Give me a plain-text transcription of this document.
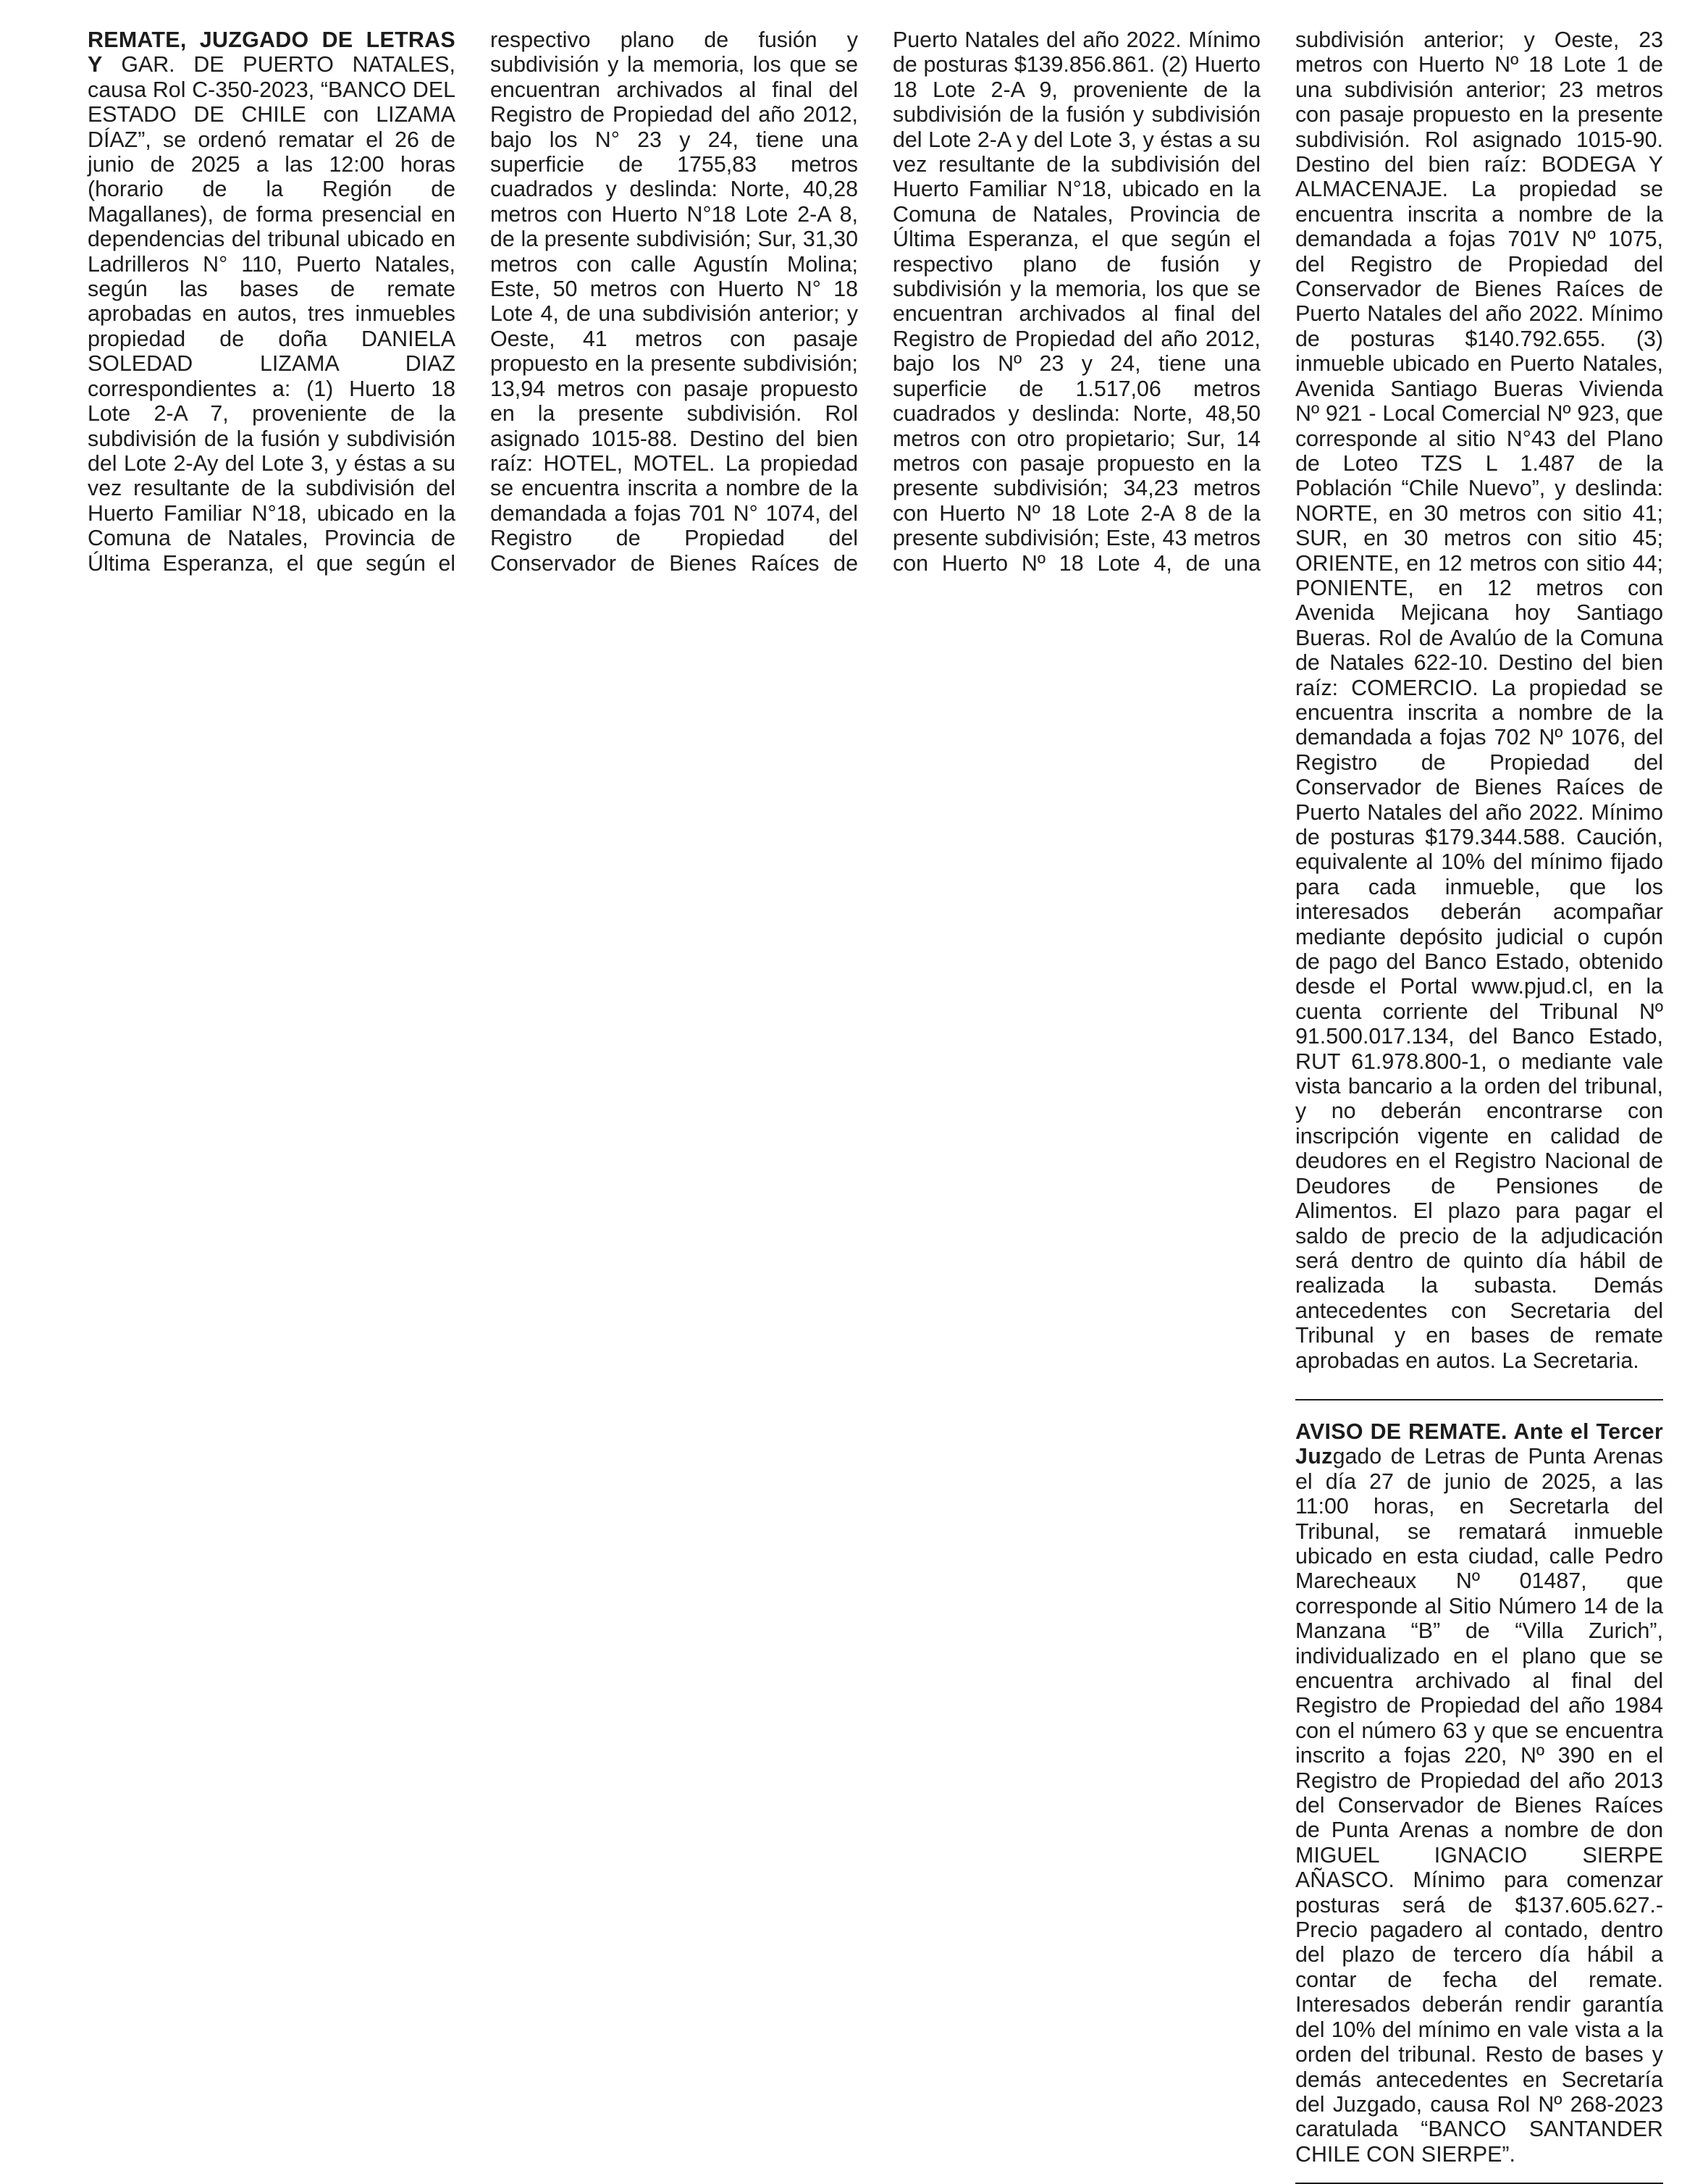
REMATE, JUZGADO DE LETRAS Y GAR. DE PUERTO NATALES, causa Rol C-350-2023, “BANCO DEL ESTADO DE CHILE con LIZAMA DÍAZ”, se ordenó rematar el 26 de junio de 2025 a las 12:00 horas (horario de la Región de Magallanes), de forma presencial en dependencias del tribunal ubicado en Ladrilleros N° 110, Puerto Natales, según las bases de remate aprobadas en autos, tres inmuebles propiedad de doña DANIELA SOLEDAD LIZAMA DIAZ correspondientes a: (1) Huerto 18 Lote 2-A 7, proveniente de la subdivisión de la fusión y subdivisión del Lote 2-Ay del Lote 3, y éstas a su vez resultante de la subdivisión del Huerto Familiar N°18, ubicado en la Comuna de Natales, Provincia de Última Esperanza, el que según el

respectivo plano de fusión y subdivisión y la memoria, los que se encuentran archivados al final del Registro de Propiedad del año 2012, bajo los N° 23 y 24, tiene una superficie de 1755,83 metros cuadrados y deslinda: Norte, 40,28 metros con Huerto N°18 Lote 2-A 8, de la presente subdivisión; Sur, 31,30 metros con calle Agustín Molina; Este, 50 metros con Huerto N° 18 Lote 4, de una subdivisión anterior; y Oeste, 41 metros con pasaje propuesto en la presente subdivisión; 13,94 metros con pasaje propuesto en la presente subdivisión. Rol asignado 1015-88. Destino del bien raíz: HOTEL, MOTEL. La propiedad se encuentra inscrita a nombre de la demandada a fojas 701 N° 1074, del Registro de Propiedad del Conservador de Bienes Raíces de

Puerto Natales del año 2022. Mínimo de posturas $139.856.861. (2) Huerto 18 Lote 2-A 9, proveniente de la subdivisión de la fusión y subdivisión del Lote 2-A y del Lote 3, y éstas a su vez resultante de la subdivisión del Huerto Familiar N°18, ubicado en la Comuna de Natales, Provincia de Última Esperanza, el que según el respectivo plano de fusión y subdivisión y la memoria, los que se encuentran archivados al final del Registro de Propiedad del año 2012, bajo los Nº 23 y 24, tiene una superficie de 1.517,06 metros cuadrados y deslinda: Norte, 48,50 metros con otro propietario; Sur, 14 metros con pasaje propuesto en la presente subdivisión; 34,23 metros con Huerto Nº 18 Lote 2-A 8 de la presente subdivisión; Este, 43 metros con Huerto Nº 18 Lote 4, de una

subdivisión anterior; y Oeste, 23 metros con Huerto Nº 18 Lote 1 de una subdivisión anterior; 23 metros con pasaje propuesto en la presente subdivisión. Rol asignado 1015-90. Destino del bien raíz: BODEGA Y ALMACENAJE. La propiedad se encuentra inscrita a nombre de la demandada a fojas 701V Nº 1075, del Registro de Propiedad del Conservador de Bienes Raíces de Puerto Natales del año 2022. Mínimo de posturas $140.792.655. (3) inmueble ubicado en Puerto Natales, Avenida Santiago Bueras Vivienda Nº 921 - Local Comercial Nº 923, que corresponde al sitio N°43 del Plano de Loteo TZS L 1.487 de la Población “Chile Nuevo”, y deslinda: NORTE, en 30 metros con sitio 41; SUR, en 30 metros con sitio 45; ORIENTE, en 12 metros con sitio 44; PONIENTE, en 12 metros con Avenida Mejicana hoy Santiago Bueras. Rol de Avalúo de la Comuna de Natales 622-10. Destino del bien raíz: COMERCIO. La propiedad se encuentra inscrita a nombre de la demandada a fojas 702 Nº 1076, del Registro de Propiedad del Conservador de Bienes Raíces de Puerto Natales del año 2022. Mínimo de posturas $179.344.588. Caución, equivalente al 10% del mínimo fijado para cada inmueble, que los interesados deberán acompañar mediante depósito judicial o cupón de pago del Banco Estado, obtenido desde el Portal www.pjud.cl, en la cuenta corriente del Tribunal Nº 91.500.017.134, del Banco Estado, RUT 61.978.800-1, o mediante vale vista bancario a la orden del tribunal, y no deberán encontrarse con inscripción vigente en calidad de deudores en el Registro Nacional de Deudores de Pensiones de Alimentos. El plazo para pagar el saldo de precio de la adjudicación será dentro de quinto día hábil de realizada la subasta. Demás antecedentes con Secretaria del Tribunal y en bases de remate aprobadas en autos. La Secretaria.

AVISO DE REMATE. Ante el Tercer Juzgado de Letras de Punta Arenas el día 27 de junio de 2025, a las 11:00 horas, en Secretarla del Tribunal, se rematará inmueble ubicado en esta ciudad, calle Pedro Marecheaux Nº 01487, que corresponde al Sitio Número 14 de la Manzana “B” de “Villa Zurich”, individualizado en el plano que se encuentra archivado al final del Registro de Propiedad del año 1984 con el número 63 y que se encuentra inscrito a fojas 220, Nº 390 en el Registro de Propiedad del año 2013 del Conservador de Bienes Raíces de Punta Arenas a nombre de don MIGUEL IGNACIO SIERPE AÑASCO. Mínimo para comenzar posturas será de $137.605.627.- Precio pagadero al contado, dentro del plazo de tercero día hábil a contar de fecha del remate. Interesados deberán rendir garantía del 10% del mínimo en vale vista a la orden del tribunal. Resto de bases y demás antecedentes en Secretaría del Juzgado, causa Rol Nº 268-2023 caratulada “BANCO SANTANDER CHILE CON SIERPE”.
